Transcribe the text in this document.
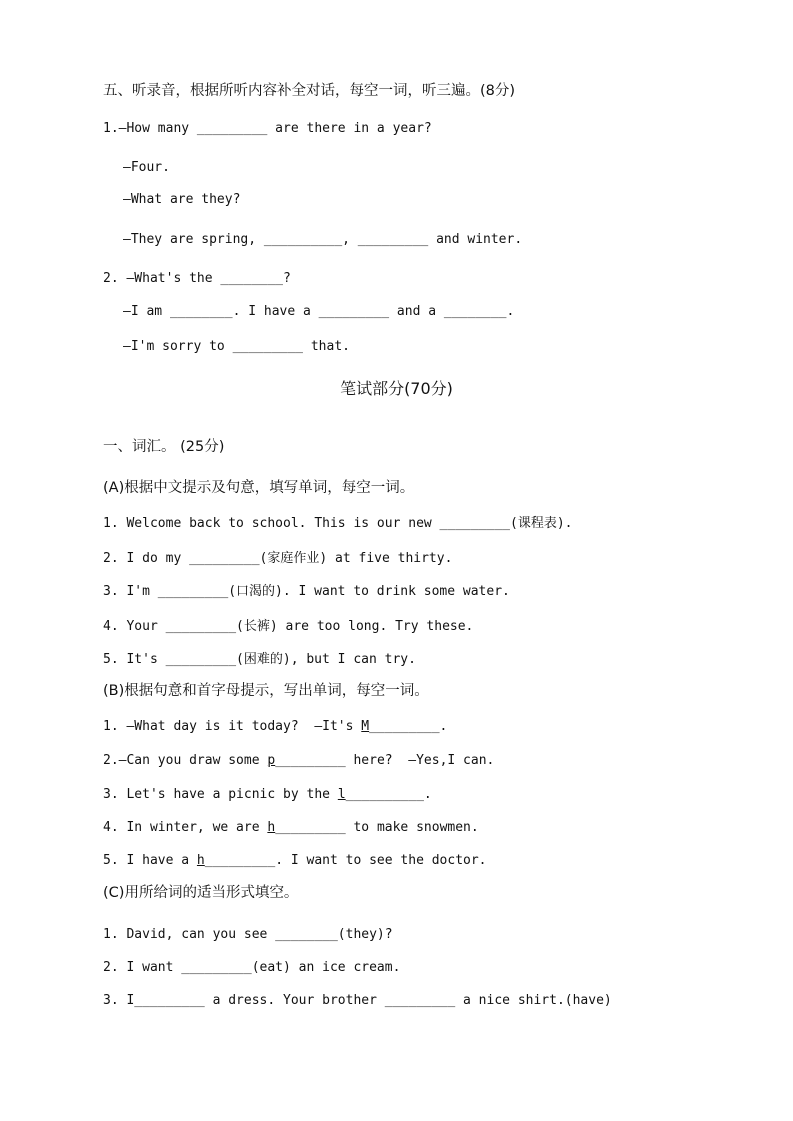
五、听录音，根据所听内容补全对话，每空一词，听三遍。(8分)
1.—How many _________ are there in a year?
—Four.
—What are they?
—They are spring, __________, _________ and winter.
2. —What's the ________?
—I am ________. I have a _________ and a ________.
—I'm sorry to _________ that.
笔试部分(70分)
一、词汇。 (25分)
(A)根据中文提示及句意，填写单词，每空一词。
1. Welcome back to school. This is our new _________(课程表).
2. I do my _________(家庭作业) at five thirty.
3. I'm _________(口渴的). I want to drink some water.
4. Your _________(长裤) are too long. Try these.
5. It's _________(困难的), but I can try.
(B)根据句意和首字母提示，写出单词，每空一词。
1. —What day is it today?  —It's M_________.
2.—Can you draw some p_________ here?  —Yes,I can.
3. Let's have a picnic by the l__________.
4. In winter, we are h_________ to make snowmen.
5. I have a h_________. I want to see the doctor.
(C)用所给词的适当形式填空。
1. David, can you see ________(they)?
2. I want _________(eat) an ice cream.
3. I_________ a dress. Your brother _________ a nice shirt.(have)
